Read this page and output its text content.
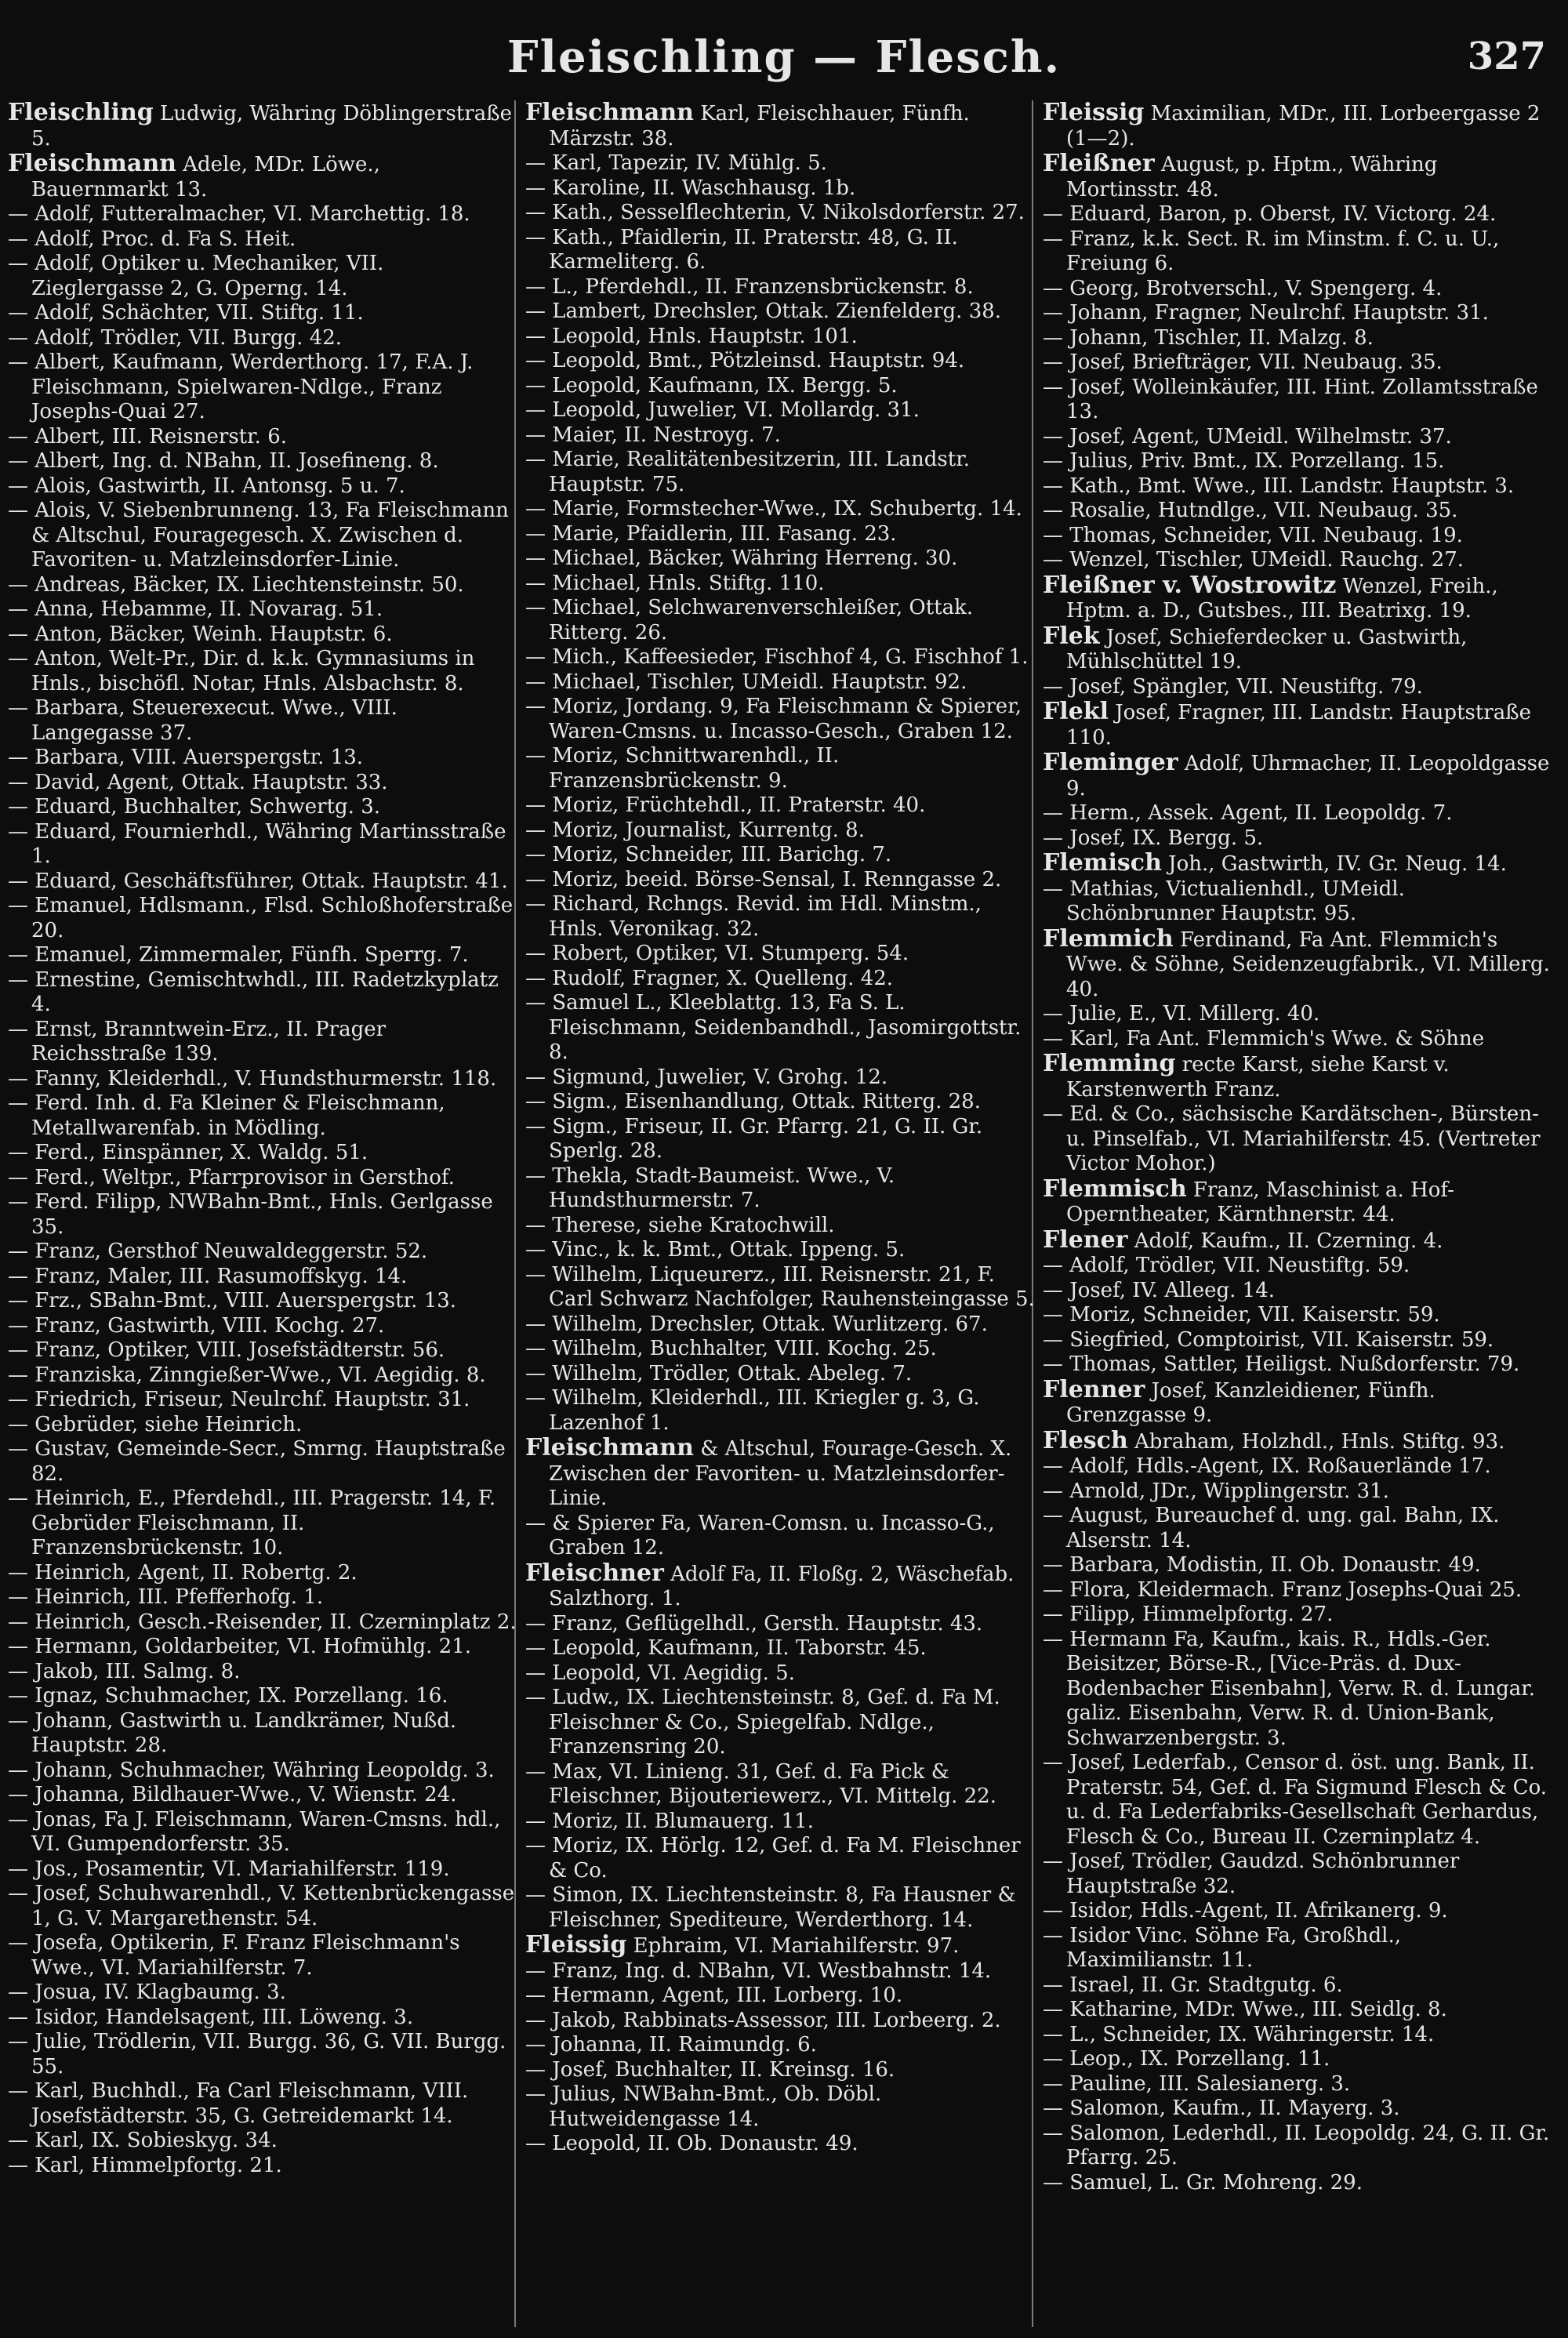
Fleischling — Flesch.	327
Fleischling Ludwig, Währing Döblingerstraße 5.
Fleischmann Adele, MDr. Löwe., Bauernmarkt 13.
— Adolf, Futteralmacher, VI. Marchettig. 18.
— Adolf, Proc. d. Fa S. Heit.
— Adolf, Optiker u. Mechaniker, VII. Zieglergasse 2, G. Operng. 14.
— Adolf, Schächter, VII. Stiftg. 11.
— Adolf, Trödler, VII. Burgg. 42.
— Albert, Kaufmann, Werderthorg. 17, F.A. J. Fleischmann, Spielwaren-Ndlge., Franz Josephs-Quai 27.
— Albert, III. Reisnerstr. 6.
— Albert, Ing. d. NBahn, II. Josefineng. 8.
— Alois, Gastwirth, II. Antonsg. 5 u. 7.
— Alois, V. Siebenbrunneng. 13, Fa Fleischmann & Altschul, Fouragegesch. X. Zwischen d. Favoriten- u. Matzleinsdorfer-Linie.
— Andreas, Bäcker, IX. Liechtensteinstr. 50.
— Anna, Hebamme, II. Novarag. 51.
— Anton, Bäcker, Weinh. Hauptstr. 6.
— Anton, Welt-Pr., Dir. d. k.k. Gymnasiums in Hnls., bischöfl. Notar, Hnls. Alsbachstr. 8.
— Barbara, Steuerexecut. Wwe., VIII. Langegasse 37.
— Barbara, VIII. Auerspergstr. 13.
— David, Agent, Ottak. Hauptstr. 33.
— Eduard, Buchhalter, Schwertg. 3.
— Eduard, Fournierhdl., Währing Martinsstraße 1.
— Eduard, Geschäftsführer, Ottak. Hauptstr. 41.
— Emanuel, Hdlsmann., Flsd. Schloßhoferstraße 20.
— Emanuel, Zimmermaler, Fünfh. Sperrg. 7.
— Ernestine, Gemischtwhdl., III. Radetzkyplatz 4.
— Ernst, Branntwein-Erz., II. Prager Reichsstraße 139.
— Fanny, Kleiderhdl., V. Hundsthurmerstr. 118.
— Ferd. Inh. d. Fa Kleiner & Fleischmann, Metallwarenfab. in Mödling.
— Ferd., Einspänner, X. Waldg. 51.
— Ferd., Weltpr., Pfarrprovisor in Gersthof.
— Ferd. Filipp, NWBahn-Bmt., Hnls. Gerlgasse 35.
— Franz, Gersthof Neuwaldeggerstr. 52.
— Franz, Maler, III. Rasumoffskyg. 14.
— Frz., SBahn-Bmt., VIII. Auerspergstr. 13.
— Franz, Gastwirth, VIII. Kochg. 27.
— Franz, Optiker, VIII. Josefstädterstr. 56.
— Franziska, Zinngießer-Wwe., VI. Aegidig. 8.
— Friedrich, Friseur, Neulrchf. Hauptstr. 31.
— Gebrüder, siehe Heinrich.
— Gustav, Gemeinde-Secr., Smrng. Hauptstraße 82.
— Heinrich, E., Pferdehdl., III. Pragerstr. 14, F. Gebrüder Fleischmann, II. Franzensbrückenstr. 10.
— Heinrich, Agent, II. Robertg. 2.
— Heinrich, III. Pfefferhofg. 1.
— Heinrich, Gesch.-Reisender, II. Czerninplatz 2.
— Hermann, Goldarbeiter, VI. Hofmühlg. 21.
— Jakob, III. Salmg. 8.
— Ignaz, Schuhmacher, IX. Porzellang. 16.
— Johann, Gastwirth u. Landkrämer, Nußd. Hauptstr. 28.
— Johann, Schuhmacher, Währing Leopoldg. 3.
— Johanna, Bildhauer-Wwe., V. Wienstr. 24.
— Jonas, Fa J. Fleischmann, Waren-Cmsns. hdl., VI. Gumpendorferstr. 35.
— Jos., Posamentir, VI. Mariahilferstr. 119.
— Josef, Schuhwarenhdl., V. Kettenbrückengasse 1, G. V. Margarethenstr. 54.
— Josefa, Optikerin, F. Franz Fleischmann's Wwe., VI. Mariahilferstr. 7.
— Josua, IV. Klagbaumg. 3.
— Isidor, Handelsagent, III. Löweng. 3.
— Julie, Trödlerin, VII. Burgg. 36, G. VII. Burgg. 55.
— Karl, Buchhdl., Fa Carl Fleischmann, VIII. Josefstädterstr. 35, G. Getreidemarkt 14.
— Karl, IX. Sobieskyg. 34.
— Karl, Himmelpfortg. 21.
Fleischmann Karl, Fleischhauer, Fünfh. Märzstr. 38.
— Karl, Tapezir, IV. Mühlg. 5.
— Karoline, II. Waschhausg. 1b.
— Kath., Sesselflechterin, V. Nikolsdorferstr. 27.
— Kath., Pfaidlerin, II. Praterstr. 48, G. II. Karmeliterg. 6.
— L., Pferdehdl., II. Franzensbrückenstr. 8.
— Lambert, Drechsler, Ottak. Zienfelderg. 38.
— Leopold, Hnls. Hauptstr. 101.
— Leopold, Bmt., Pötzleinsd. Hauptstr. 94.
— Leopold, Kaufmann, IX. Bergg. 5.
— Leopold, Juwelier, VI. Mollardg. 31.
— Maier, II. Nestroyg. 7.
— Marie, Realitätenbesitzerin, III. Landstr. Hauptstr. 75.
— Marie, Formstecher-Wwe., IX. Schubertg. 14.
— Marie, Pfaidlerin, III. Fasang. 23.
— Michael, Bäcker, Währing Herreng. 30.
— Michael, Hnls. Stiftg. 110.
— Michael, Selchwarenverschleißer, Ottak. Ritterg. 26.
— Mich., Kaffeesieder, Fischhof 4, G. Fischhof 1.
— Michael, Tischler, UMeidl. Hauptstr. 92.
— Moriz, Jordang. 9, Fa Fleischmann & Spierer, Waren-Cmsns. u. Incasso-Gesch., Graben 12.
— Moriz, Schnittwarenhdl., II. Franzensbrückenstr. 9.
— Moriz, Früchtehdl., II. Praterstr. 40.
— Moriz, Journalist, Kurrentg. 8.
— Moriz, Schneider, III. Barichg. 7.
— Moriz, beeid. Börse-Sensal, I. Renngasse 2.
— Richard, Rchngs. Revid. im Hdl. Minstm., Hnls. Veronikag. 32.
— Robert, Optiker, VI. Stumperg. 54.
— Rudolf, Fragner, X. Quelleng. 42.
— Samuel L., Kleeblattg. 13, Fa S. L. Fleischmann, Seidenbandhdl., Jasomirgottstr. 8.
— Sigmund, Juwelier, V. Grohg. 12.
— Sigm., Eisenhandlung, Ottak. Ritterg. 28.
— Sigm., Friseur, II. Gr. Pfarrg. 21, G. II. Gr. Sperlg. 28.
— Thekla, Stadt-Baumeist. Wwe., V. Hundsthurmerstr. 7.
— Therese, siehe Kratochwill.
— Vinc., k. k. Bmt., Ottak. Ippeng. 5.
— Wilhelm, Liqueurerz., III. Reisnerstr. 21, F. Carl Schwarz Nachfolger, Rauhensteingasse 5.
— Wilhelm, Drechsler, Ottak. Wurlitzerg. 67.
— Wilhelm, Buchhalter, VIII. Kochg. 25.
— Wilhelm, Trödler, Ottak. Abeleg. 7.
— Wilhelm, Kleiderhdl., III. Kriegler g. 3, G. Lazenhof 1.
Fleischmann & Altschul, Fourage-Gesch. X. Zwischen der Favoriten- u. Matzleinsdorfer-Linie.
— & Spierer Fa, Waren-Comsn. u. Incasso-G., Graben 12.
Fleischner Adolf Fa, II. Floßg. 2, Wäschefab. Salzthorg. 1.
— Franz, Geflügelhdl., Gersth. Hauptstr. 43.
— Leopold, Kaufmann, II. Taborstr. 45.
— Leopold, VI. Aegidig. 5.
— Ludw., IX. Liechtensteinstr. 8, Gef. d. Fa M. Fleischner & Co., Spiegelfab. Ndlge., Franzensring 20.
— Max, VI. Linieng. 31, Gef. d. Fa Pick & Fleischner, Bijouteriewerz., VI. Mittelg. 22.
— Moriz, II. Blumauerg. 11.
— Moriz, IX. Hörlg. 12, Gef. d. Fa M. Fleischner & Co.
— Simon, IX. Liechtensteinstr. 8, Fa Hausner & Fleischner, Spediteure, Werderthorg. 14.
Fleissig Ephraim, VI. Mariahilferstr. 97.
— Franz, Ing. d. NBahn, VI. Westbahnstr. 14.
— Hermann, Agent, III. Lorberg. 10.
— Jakob, Rabbinats-Assessor, III. Lorbeerg. 2.
— Johanna, II. Raimundg. 6.
— Josef, Buchhalter, II. Kreinsg. 16.
— Julius, NWBahn-Bmt., Ob. Döbl. Hutweidengasse 14.
— Leopold, II. Ob. Donaustr. 49.
Fleissig Maximilian, MDr., III. Lorbeergasse 2 (1—2).
Fleißner August, p. Hptm., Währing Mortinsstr. 48.
— Eduard, Baron, p. Oberst, IV. Victorg. 24.
— Franz, k.k. Sect. R. im Minstm. f. C. u. U., Freiung 6.
— Georg, Brotverschl., V. Spengerg. 4.
— Johann, Fragner, Neulrchf. Hauptstr. 31.
— Johann, Tischler, II. Malzg. 8.
— Josef, Briefträger, VII. Neubaug. 35.
— Josef, Wolleinkäufer, III. Hint. Zollamtsstraße 13.
— Josef, Agent, UMeidl. Wilhelmstr. 37.
— Julius, Priv. Bmt., IX. Porzellang. 15.
— Kath., Bmt. Wwe., III. Landstr. Hauptstr. 3.
— Rosalie, Hutndlge., VII. Neubaug. 35.
— Thomas, Schneider, VII. Neubaug. 19.
— Wenzel, Tischler, UMeidl. Rauchg. 27.
Fleißner v. Wostrowitz Wenzel, Freih., Hptm. a. D., Gutsbes., III. Beatrixg. 19.
Flek Josef, Schieferdecker u. Gastwirth, Mühlschüttel 19.
— Josef, Spängler, VII. Neustiftg. 79.
Flekl Josef, Fragner, III. Landstr. Hauptstraße 110.
Fleminger Adolf, Uhrmacher, II. Leopoldgasse 9.
— Herm., Assek. Agent, II. Leopoldg. 7.
— Josef, IX. Bergg. 5.
Flemisch Joh., Gastwirth, IV. Gr. Neug. 14.
— Mathias, Victualienhdl., UMeidl. Schönbrunner Hauptstr. 95.
Flemmich Ferdinand, Fa Ant. Flemmich's Wwe. & Söhne, Seidenzeugfabrik., VI. Millerg. 40.
— Julie, E., VI. Millerg. 40.
— Karl, Fa Ant. Flemmich's Wwe. & Söhne
Flemming recte Karst, siehe Karst v. Karstenwerth Franz.
— Ed. & Co., sächsische Kardätschen-, Bürsten- u. Pinselfab., VI. Mariahilferstr. 45. (Vertreter Victor Mohor.)
Flemmisch Franz, Maschinist a. Hof-Operntheater, Kärnthnerstr. 44.
Flener Adolf, Kaufm., II. Czerning. 4.
— Adolf, Trödler, VII. Neustiftg. 59.
— Josef, IV. Alleeg. 14.
— Moriz, Schneider, VII. Kaiserstr. 59.
— Siegfried, Comptoirist, VII. Kaiserstr. 59.
— Thomas, Sattler, Heiligst. Nußdorferstr. 79.
Flenner Josef, Kanzleidiener, Fünfh. Grenzgasse 9.
Flesch Abraham, Holzhdl., Hnls. Stiftg. 93.
— Adolf, Hdls.-Agent, IX. Roßauerlände 17.
— Arnold, JDr., Wipplingerstr. 31.
— August, Bureauchef d. ung. gal. Bahn, IX. Alserstr. 14.
— Barbara, Modistin, II. Ob. Donaustr. 49.
— Flora, Kleidermach. Franz Josephs-Quai 25.
— Filipp, Himmelpfortg. 27.
— Hermann Fa, Kaufm., kais. R., Hdls.-Ger. Beisitzer, Börse-R., [Vice-Präs. d. Dux-Bodenbacher Eisenbahn], Verw. R. d. Lungar. galiz. Eisenbahn, Verw. R. d. Union-Bank, Schwarzenbergstr. 3.
— Josef, Lederfab., Censor d. öst. ung. Bank, II. Praterstr. 54, Gef. d. Fa Sigmund Flesch & Co. u. d. Fa Lederfabriks-Gesellschaft Gerhardus, Flesch & Co., Bureau II. Czerninplatz 4.
— Josef, Trödler, Gaudzd. Schönbrunner Hauptstraße 32.
— Isidor, Hdls.-Agent, II. Afrikanerg. 9.
— Isidor Vinc. Söhne Fa, Großhdl., Maximilianstr. 11.
— Israel, II. Gr. Stadtgutg. 6.
— Katharine, MDr. Wwe., III. Seidlg. 8.
— L., Schneider, IX. Währingerstr. 14.
— Leop., IX. Porzellang. 11.
— Pauline, III. Salesianerg. 3.
— Salomon, Kaufm., II. Mayerg. 3.
— Salomon, Lederhdl., II. Leopoldg. 24, G. II. Gr. Pfarrg. 25.
— Samuel, L. Gr. Mohreng. 29.
